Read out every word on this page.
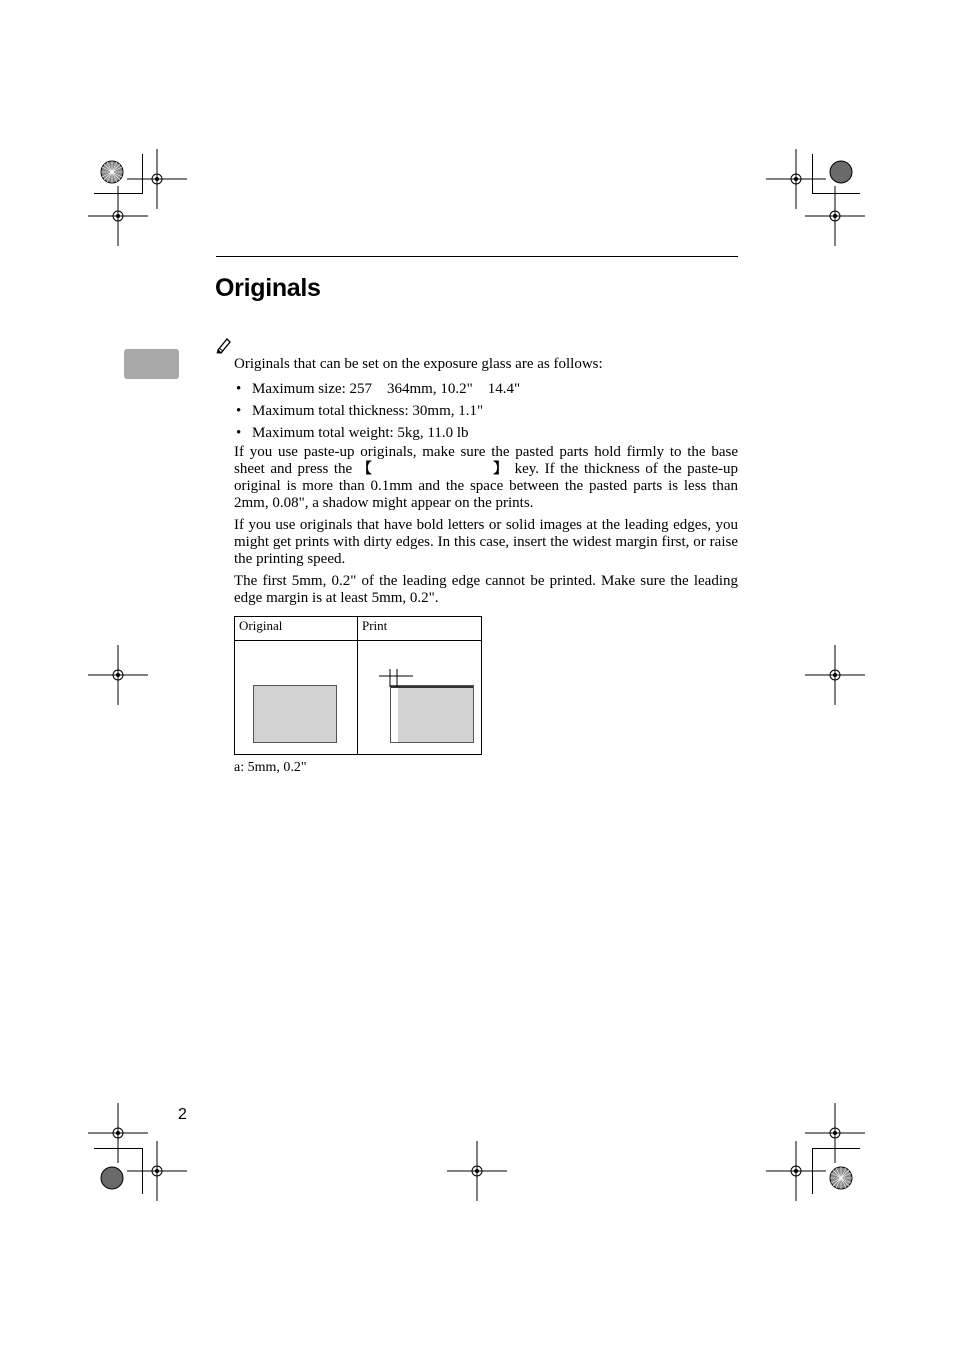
Originals
Originals that can be set on the exposure glass are as follows:
• Maximum size: 257    364mm, 10.2"    14.4"
• Maximum total thickness: 30mm, 1.1"
• Maximum total weight: 5kg, 11.0 lb
If you use paste-up originals, make sure the pasted parts hold firmly to the base sheet and press the 【	】 key. If the thickness of the paste-up original is more than 0.1mm and the space between the pasted parts is less than 2mm, 0.08", a shadow might appear on the prints.
If you use originals that have bold letters or solid images at the leading edges, you might get prints with dirty edges. In this case, insert the widest margin first, or raise the printing speed.
The first 5mm, 0.2" of the leading edge cannot be printed. Make sure the leading edge margin is at least 5mm, 0.2".
Original	Print
a: 5mm, 0.2"
2
